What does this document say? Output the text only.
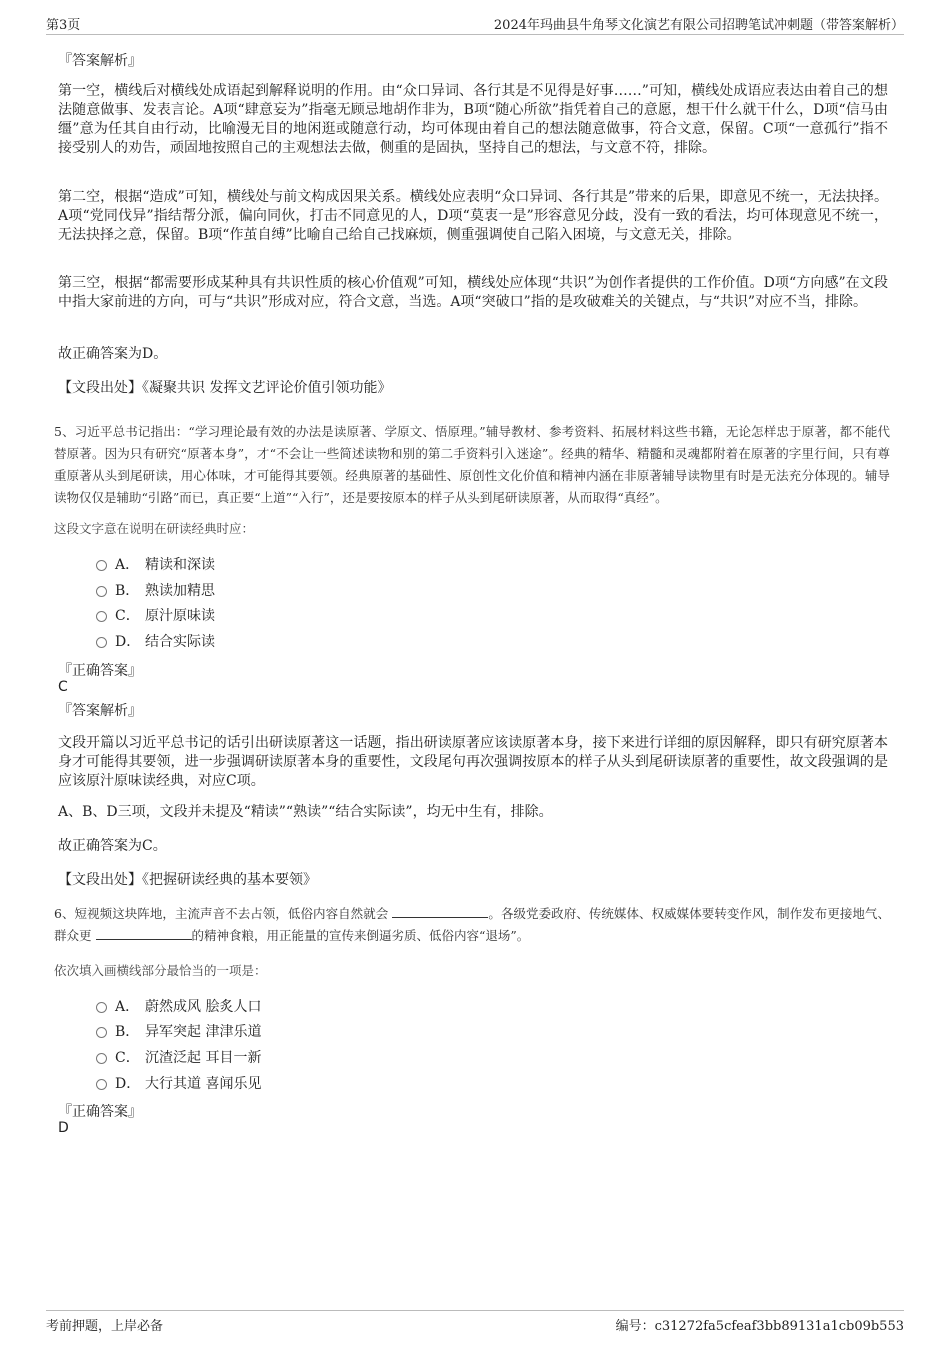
第3页	2024年玛曲县牛角琴文化演艺有限公司招聘笔试冲刺题（带答案解析）
『答案解析』
第一空，横线后对横线处成语起到解释说明的作用。由“众口异词、各行其是不见得是好事……”可知，横线处成语应表达由着自己的想法随意做事、发表言论。A项“肆意妄为”指毫无顾忌地胡作非为，B项“随心所欲”指凭着自己的意愿，想干什么就干什么，D项“信马由缰”意为任其自由行动，比喻漫无目的地闲逛或随意行动，均可体现由着自己的想法随意做事，符合文意，保留。C项“一意孤行”指不接受别人的劝告，顽固地按照自己的主观想法去做，侧重的是固执，坚持自己的想法，与文意不符，排除。
第二空，根据“造成”可知，横线处与前文构成因果关系。横线处应表明“众口异词、各行其是”带来的后果，即意见不统一，无法抉择。A项“党同伐异”指结帮分派，偏向同伙，打击不同意见的人，D项“莫衷一是”形容意见分歧，没有一致的看法，均可体现意见不统一，无法抉择之意，保留。B项“作茧自缚”比喻自己给自己找麻烦，侧重强调使自己陷入困境，与文意无关，排除。
第三空，根据“都需要形成某种具有共识性质的核心价值观”可知，横线处应体现“共识”为创作者提供的工作价值。D项“方向感”在文段中指大家前进的方向，可与“共识”形成对应，符合文意，当选。A项“突破口”指的是攻破难关的关键点，与“共识”对应不当，排除。
故正确答案为D。
【文段出处】《凝聚共识 发挥文艺评论价值引领功能》
5、习近平总书记指出：“学习理论最有效的办法是读原著、学原文、悟原理。”辅导教材、参考资料、拓展材料这些书籍，无论怎样忠于原著，都不能代替原著。因为只有研究“原著本身”，才“不会让一些简述读物和别的第二手资料引入迷途”。经典的精华、精髓和灵魂都附着在原著的字里行间，只有尊重原著从头到尾研读，用心体味，才可能得其要领。经典原著的基础性、原创性文化价值和精神内涵在非原著辅导读物里有时是无法充分体现的。辅导读物仅仅是辅助“引路”而已，真正要“上道”“入行”，还是要按原本的样子从头到尾研读原著，从而取得“真经”。
这段文字意在说明在研读经典时应：
A． 精读和深读
B． 熟读加精思
C． 原汁原味读
D． 结合实际读
『正确答案』
C
『答案解析』
文段开篇以习近平总书记的话引出研读原著这一话题，指出研读原著应该读原著本身，接下来进行详细的原因解释，即只有研究原著本身才可能得其要领，进一步强调研读原著本身的重要性，文段尾句再次强调按原本的样子从头到尾研读原著的重要性，故文段强调的是应该原汁原味读经典，对应C项。
A、B、D三项，文段并未提及“精读”“熟读”“结合实际读”，均无中生有，排除。
故正确答案为C。
【文段出处】《把握研读经典的基本要领》
6、短视频这块阵地，主流声音不去占领，低俗内容自然就会	。各级党委政府、传统媒体、权威媒体要转变作风，制作发布更接地气、群众更	的精神食粮，用正能量的宣传来倒逼劣质、低俗内容“退场”。
依次填入画横线部分最恰当的一项是：
A． 蔚然成风 脍炙人口
B． 异军突起 津津乐道
C． 沉渣泛起 耳目一新
D． 大行其道 喜闻乐见
『正确答案』
D
考前押题，上岸必备	编号：c31272fa5cfeaf3bb89131a1cb09b553
